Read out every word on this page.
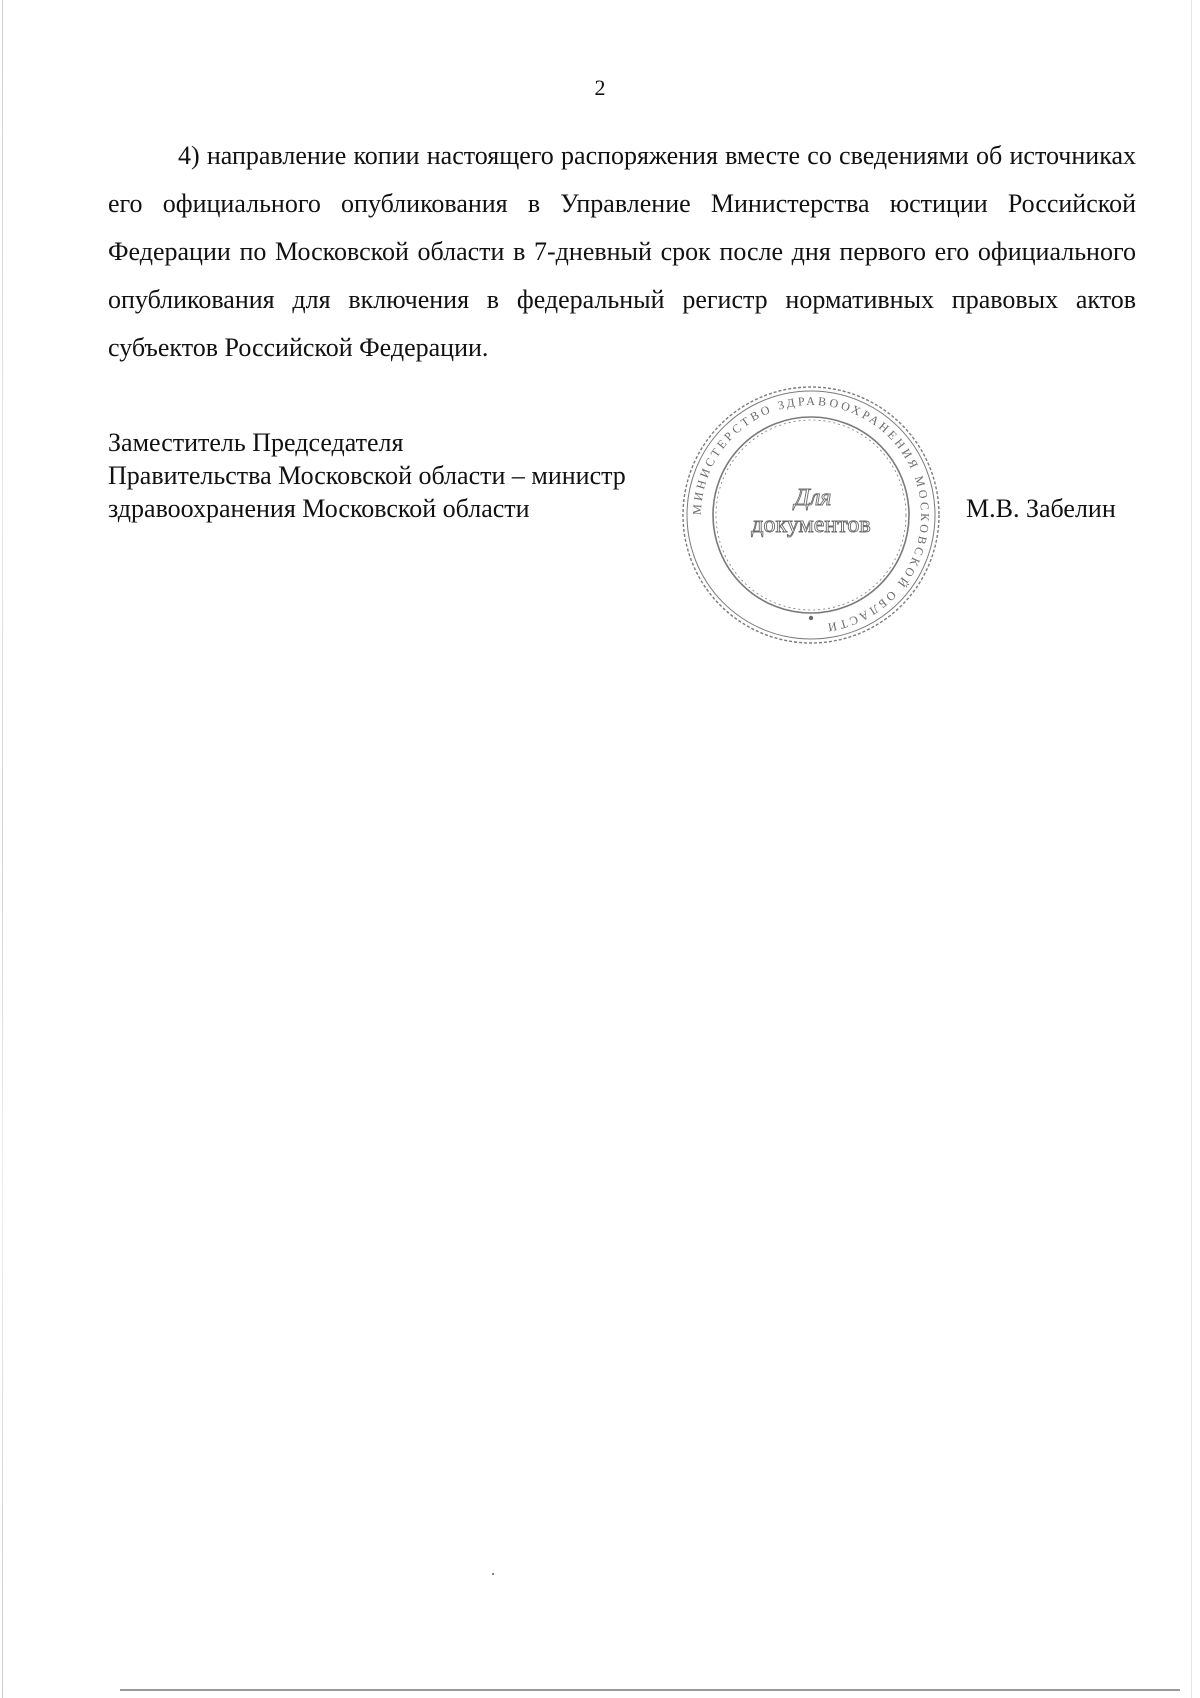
2

4) направление копии настоящего распоряжения вместе со сведениями об источниках его официального опубликования в Управление Министерства юстиции Российской Федерации по Московской области в 7-дневный срок после дня первого его официального опубликования для включения в федеральный регистр нормативных правовых актов субъектов Российской Федерации.

Заместитель Председателя
Правительства Московской области – министр
здравоохранения Московской области	МИНИСТЕРСТВО ЗДРАВООХРАНЕНИЯ МОСКОВСКОЙ ОБЛАСТИ
Для
документов
М.В. Забелин
